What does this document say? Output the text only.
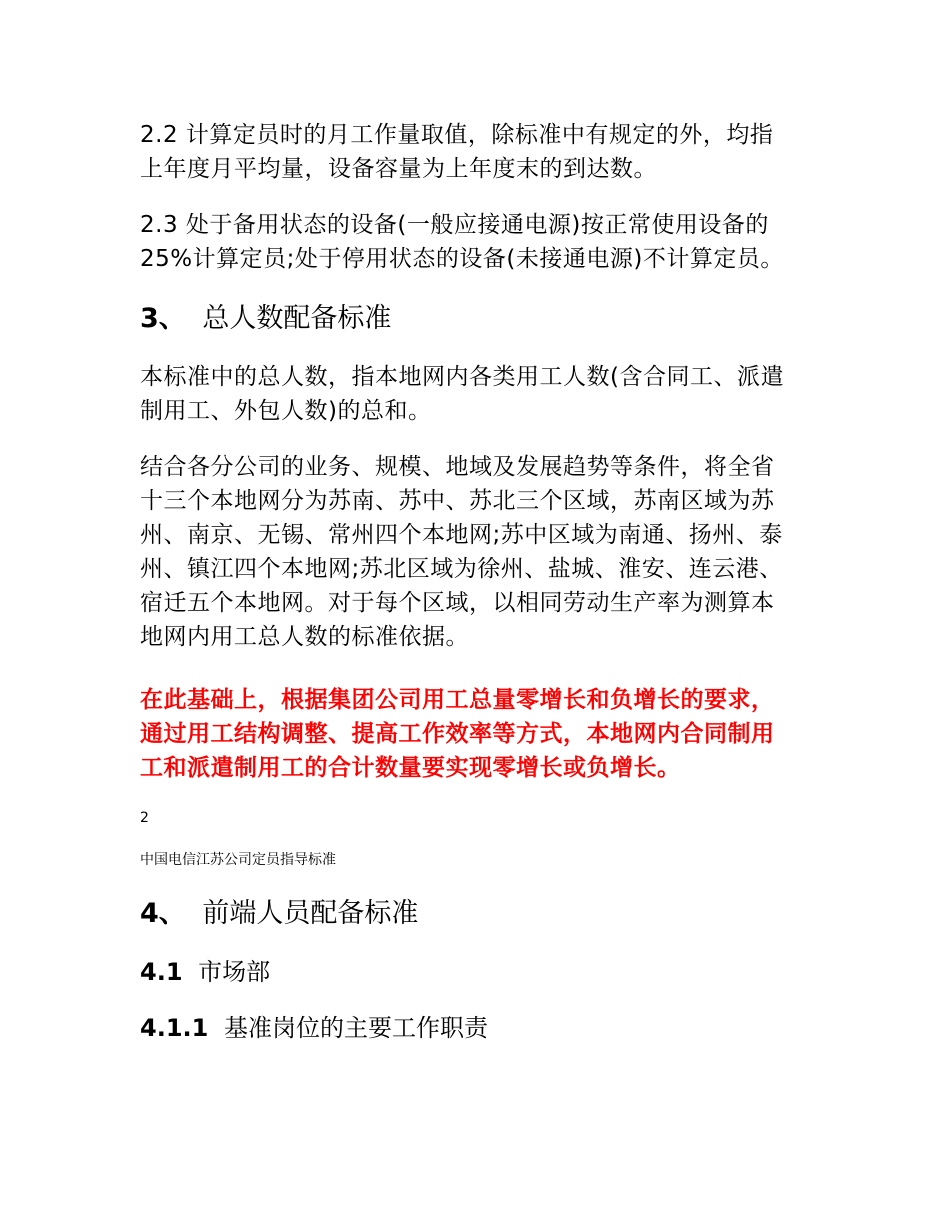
2.2 计算定员时的月工作量取值，除标准中有规定的外，均指
上年度月平均量，设备容量为上年度末的到达数。

2.3 处于备用状态的设备(一般应接通电源)按正常使用设备的
25%计算定员;处于停用状态的设备(未接通电源)不计算定员。

3、 总人数配备标准

本标准中的总人数，指本地网内各类用工人数(含合同工、派遣
制用工、外包人数)的总和。

结合各分公司的业务、规模、地域及发展趋势等条件，将全省
十三个本地网分为苏南、苏中、苏北三个区域，苏南区域为苏
州、南京、无锡、常州四个本地网;苏中区域为南通、扬州、泰
州、镇江四个本地网;苏北区域为徐州、盐城、淮安、连云港、
宿迁五个本地网。对于每个区域，以相同劳动生产率为测算本
地网内用工总人数的标准依据。

在此基础上，根据集团公司用工总量零增长和负增长的要求，
通过用工结构调整、提高工作效率等方式，本地网内合同制用
工和派遣制用工的合计数量要实现零增长或负增长。

2

中国电信江苏公司定员指导标准

4、 前端人员配备标准

4.1 市场部

4.1.1 基准岗位的主要工作职责
